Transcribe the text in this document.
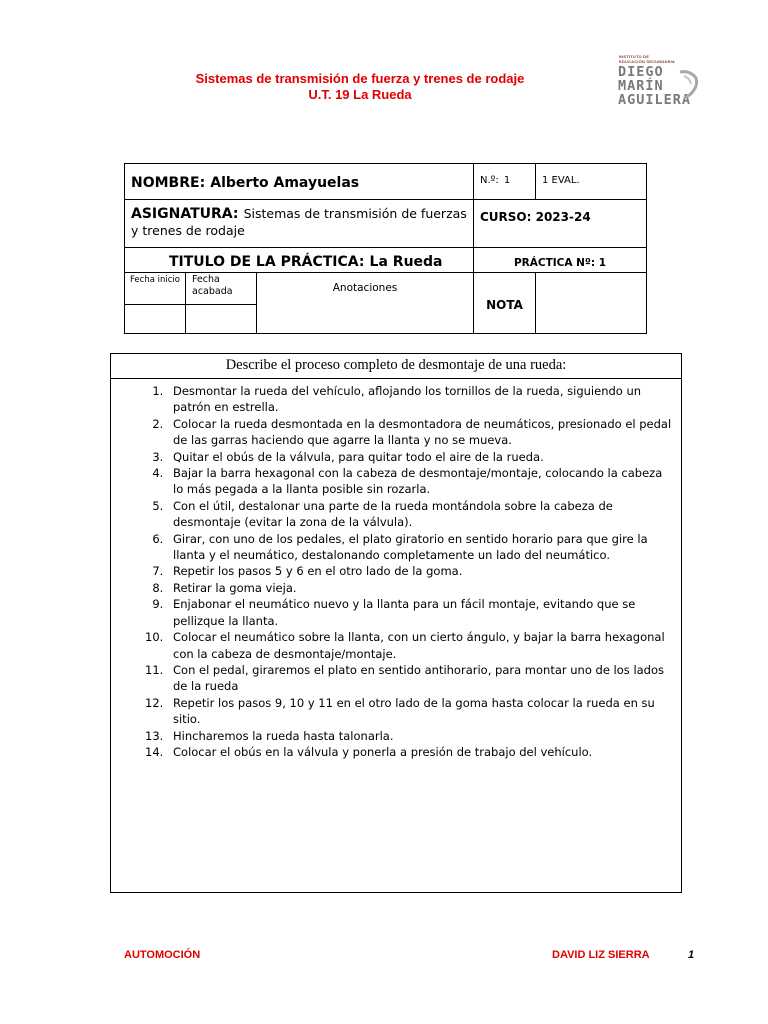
Sistemas de transmisión de fuerza y trenes de rodaje
U.T. 19 La Rueda
INSTITUTO DE
EDUCACIÓN SECUNDARIA
DIEGO
MARÍN
AGUILERA
NOMBRE: Alberto Amayuelas			N.º: 1	1 EVAL.
ASIGNATURA: Sistemas de transmisión de fuerzas y trenes de rodaje			CURSO: 2023-24	
TITULO DE LA PRÁCTICA: La Rueda			PRÁCTICA Nº: 1	
Fecha inicio	Fecha acabada	Anotaciones	NOTA	

Describe el proceso completo de desmontaje de una rueda:
1. Desmontar la rueda del vehículo, aflojando los tornillos de la rueda, siguiendo un patrón en estrella.
2. Colocar la rueda desmontada en la desmontadora de neumáticos, presionado el pedal de las garras haciendo que agarre la llanta y no se mueva.
3. Quitar el obús de la válvula, para quitar todo el aire de la rueda.
4. Bajar la barra hexagonal con la cabeza de desmontaje/montaje, colocando la cabeza lo más pegada a la llanta posible sin rozarla.
5. Con el útil, destalonar una parte de la rueda montándola sobre la cabeza de desmontaje (evitar la zona de la válvula).
6. Girar, con uno de los pedales, el plato giratorio en sentido horario para que gire la llanta y el neumático, destalonando completamente un lado del neumático.
7. Repetir los pasos 5 y 6 en el otro lado de la goma.
8. Retirar la goma vieja.
9. Enjabonar el neumático nuevo y la llanta para un fácil montaje, evitando que se pellizque la llanta.
10. Colocar el neumático sobre la llanta, con un cierto ángulo, y bajar la barra hexagonal con la cabeza de desmontaje/montaje.
11. Con el pedal, giraremos el plato en sentido antihorario, para montar uno de los lados de la rueda
12. Repetir los pasos 9, 10 y 11 en el otro lado de la goma hasta colocar la rueda en su sitio.
13. Hincharemos la rueda hasta talonarla.
14. Colocar el obús en la válvula y ponerla a presión de trabajo del vehículo.
AUTOMOCIÓN	DAVID LIZ SIERRA	1
